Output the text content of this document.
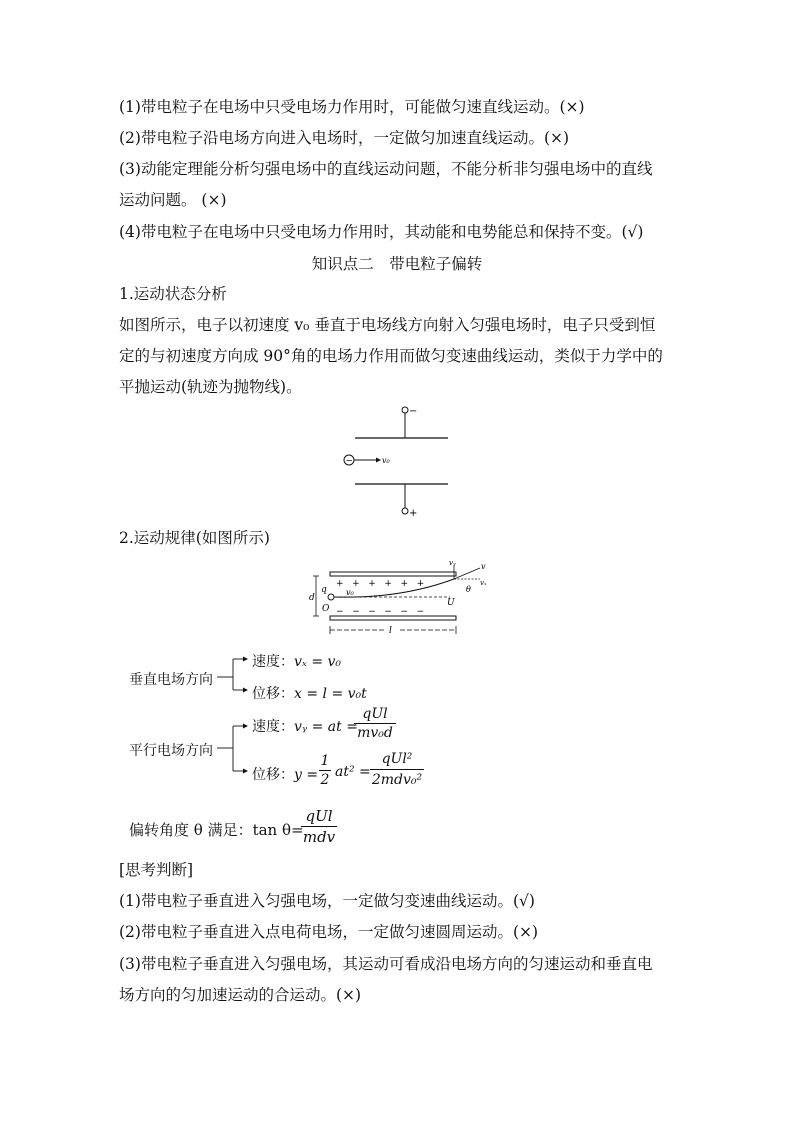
(1)带电粒子在电场中只受电场力作用时，可能做匀速直线运动。(×)
(2)带电粒子沿电场方向进入电场时，一定做匀加速直线运动。(×)
(3)动能定理能分析匀强电场中的直线运动问题，不能分析非匀强电场中的直线
运动问题。 (×)
(4)带电粒子在电场中只受电场力作用时，其动能和电势能总和保持不变。(√)
知识点二　带电粒子偏转
1.运动状态分析
如图所示，电子以初速度 v₀ 垂直于电场线方向射入匀强电场时，电子只受到恒
定的与初速度方向成 90°角的电场力作用而做匀变速曲线运动，类似于力学中的
平抛运动(轨迹为抛物线)。
−
−	v₀
+
2.运动规律(如图所示)
+   +   +   +   +   +
−   −   −   −   −   −
d
q
O
v₀
U
vᵧ	v
vₓ
θ
l
垂直电场方向
速度：vₓ = v₀
位移：x = l = v₀t
平行电场方向
速度：vᵧ = at =
qUl
mv₀d
位移：$y = \frac{1}{2} at^2$ =
qUl²
2mdv₀²
偏转角度 θ 满足：tan θ=
qUl
mdv
[思考判断]
(1)带电粒子垂直进入匀强电场，一定做匀变速曲线运动。(√)
(2)带电粒子垂直进入点电荷电场，一定做匀速圆周运动。(×)
(3)带电粒子垂直进入匀强电场，其运动可看成沿电场方向的匀速运动和垂直电
场方向的匀加速运动的合运动。(×)
